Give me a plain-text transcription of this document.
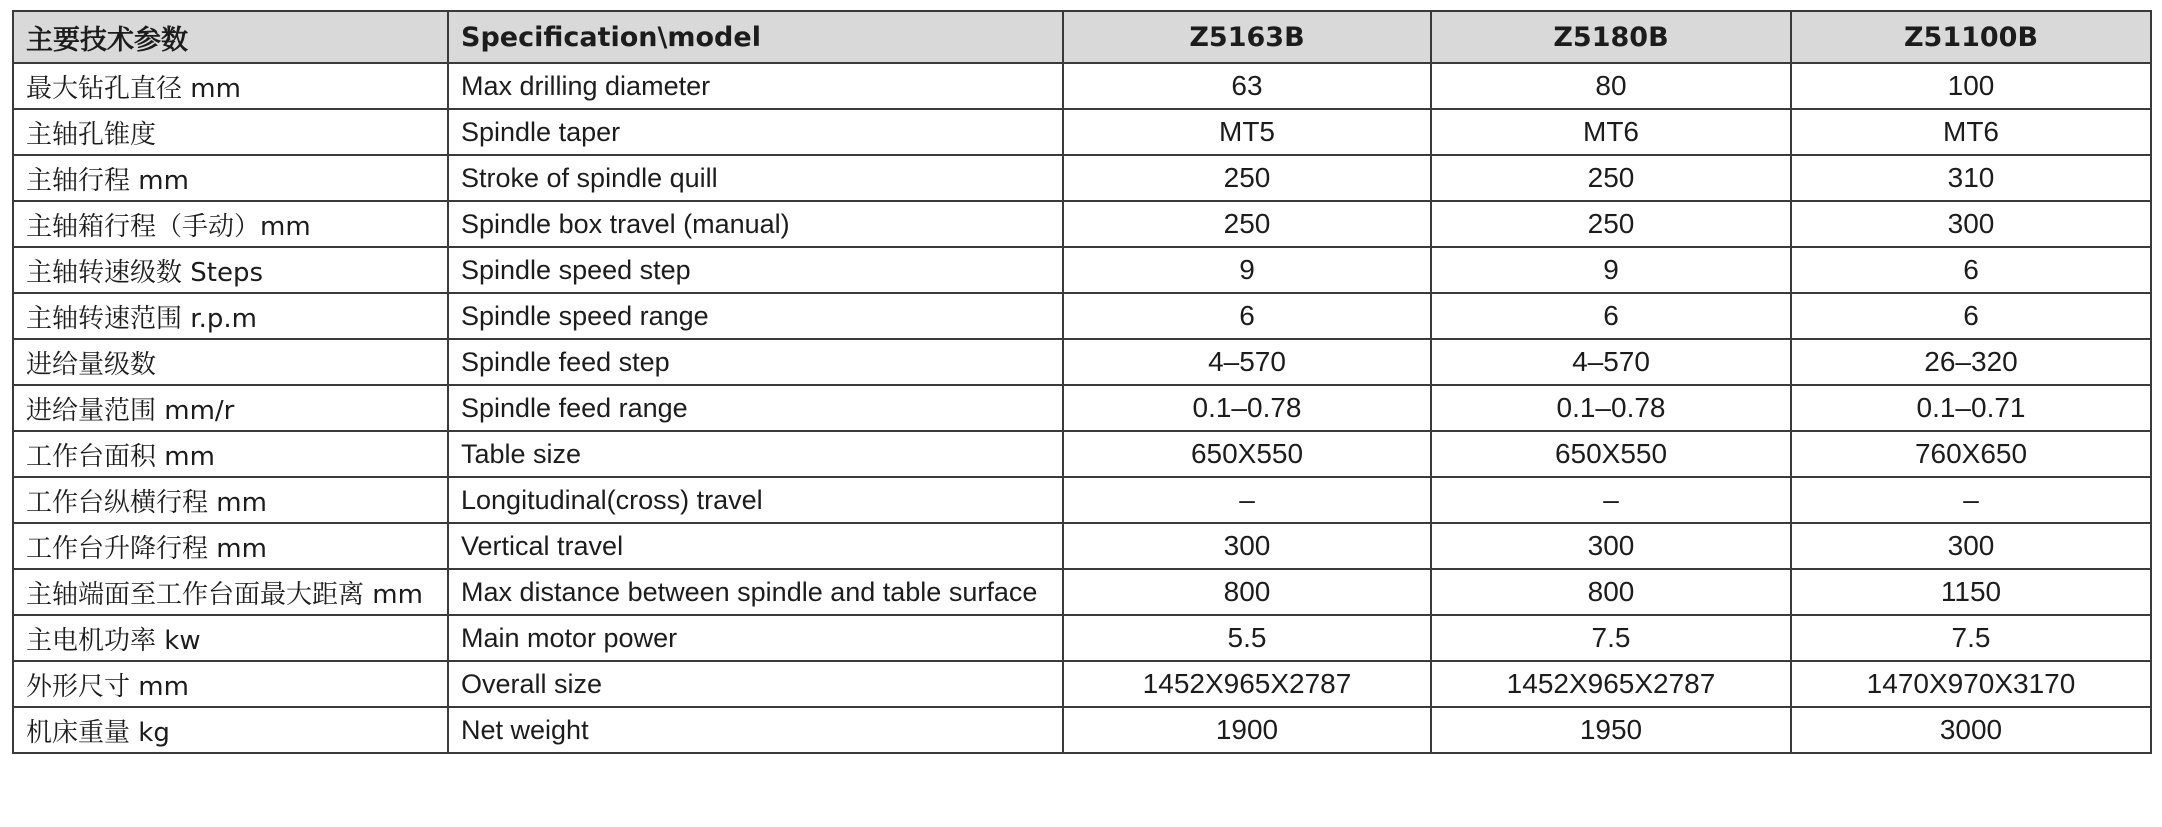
主要技术参数	Specification\model	Z5163B	Z5180B	Z51100B
最大钻孔直径 mm	Max drilling diameter	63	80	100
主轴孔锥度	Spindle taper	MT5	MT6	MT6
主轴行程 mm	Stroke of spindle quill	250	250	310
主轴箱行程（手动）mm	Spindle box travel (manual)	250	250	300
主轴转速级数 Steps	Spindle speed step	9	9	6
主轴转速范围 r.p.m	Spindle speed range	6	6	6
进给量级数	Spindle feed step	4–570	4–570	26–320
进给量范围 mm/r	Spindle feed range	0.1–0.78	0.1–0.78	0.1–0.71
工作台面积 mm	Table size	650X550	650X550	760X650
工作台纵横行程 mm	Longitudinal(cross) travel	–	–	–
工作台升降行程 mm	Vertical travel	300	300	300
主轴端面至工作台面最大距离 mm	Max distance between spindle and table surface	800	800	1150
主电机功率 kw	Main motor power	5.5	7.5	7.5
外形尺寸 mm	Overall size	1452X965X2787	1452X965X2787	1470X970X3170
机床重量 kg	Net weight	1900	1950	3000
